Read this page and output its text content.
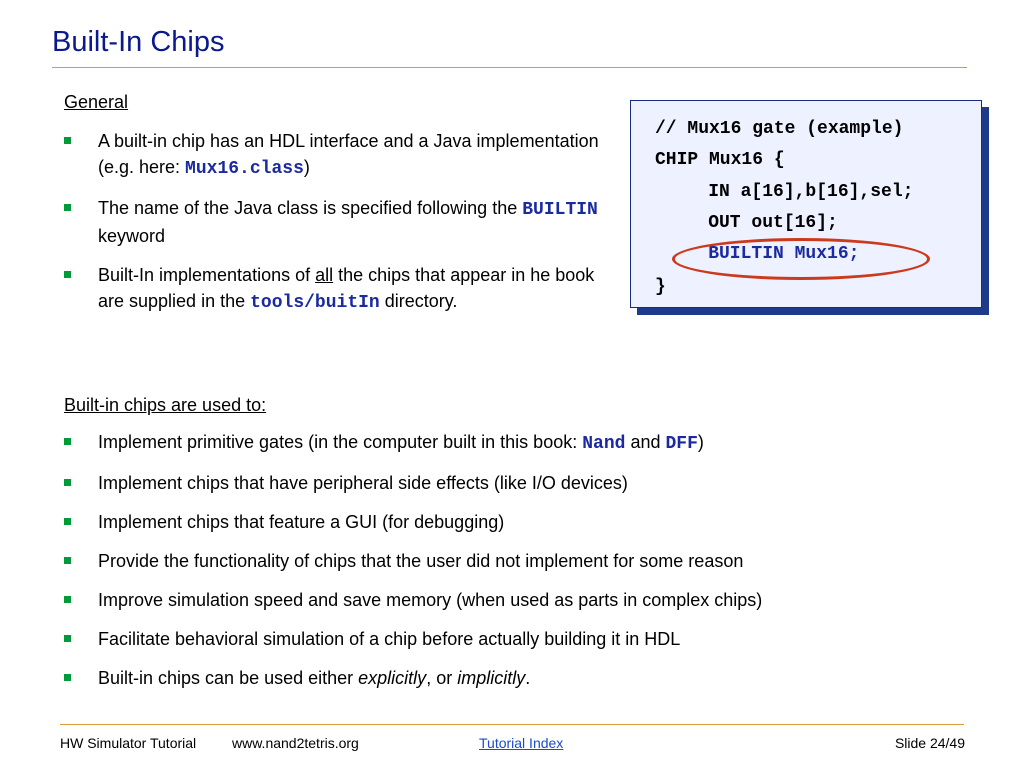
Built-In Chips

General

A built-in chip has an HDL interface and a Java implementation (e.g. here: Mux16.class)
The name of the Java class is specified following the BUILTIN keyword
Built-In implementations of all the chips that appear in he book are supplied in the tools/buitIn directory.
// Mux16 gate (example)
CHIP Mux16 {
IN a[16],b[16],sel;
OUT out[16];
BUILTIN Mux16;
}

Built-in chips are used to:

Implement primitive gates (in the computer built in this book: Nand and DFF)
Implement chips that have peripheral side effects (like I/O devices)
Implement chips that feature a GUI (for debugging)
Provide the functionality of chips that the user did not implement for some reason
Improve simulation speed and save memory (when used as parts in complex chips)
Facilitate behavioral simulation of a chip before actually building it in HDL
Built-in chips can be used either explicitly, or implicitly.
HW Simulator Tutorial	www.nand2tetris.org	Tutorial Index	Slide 24/49
